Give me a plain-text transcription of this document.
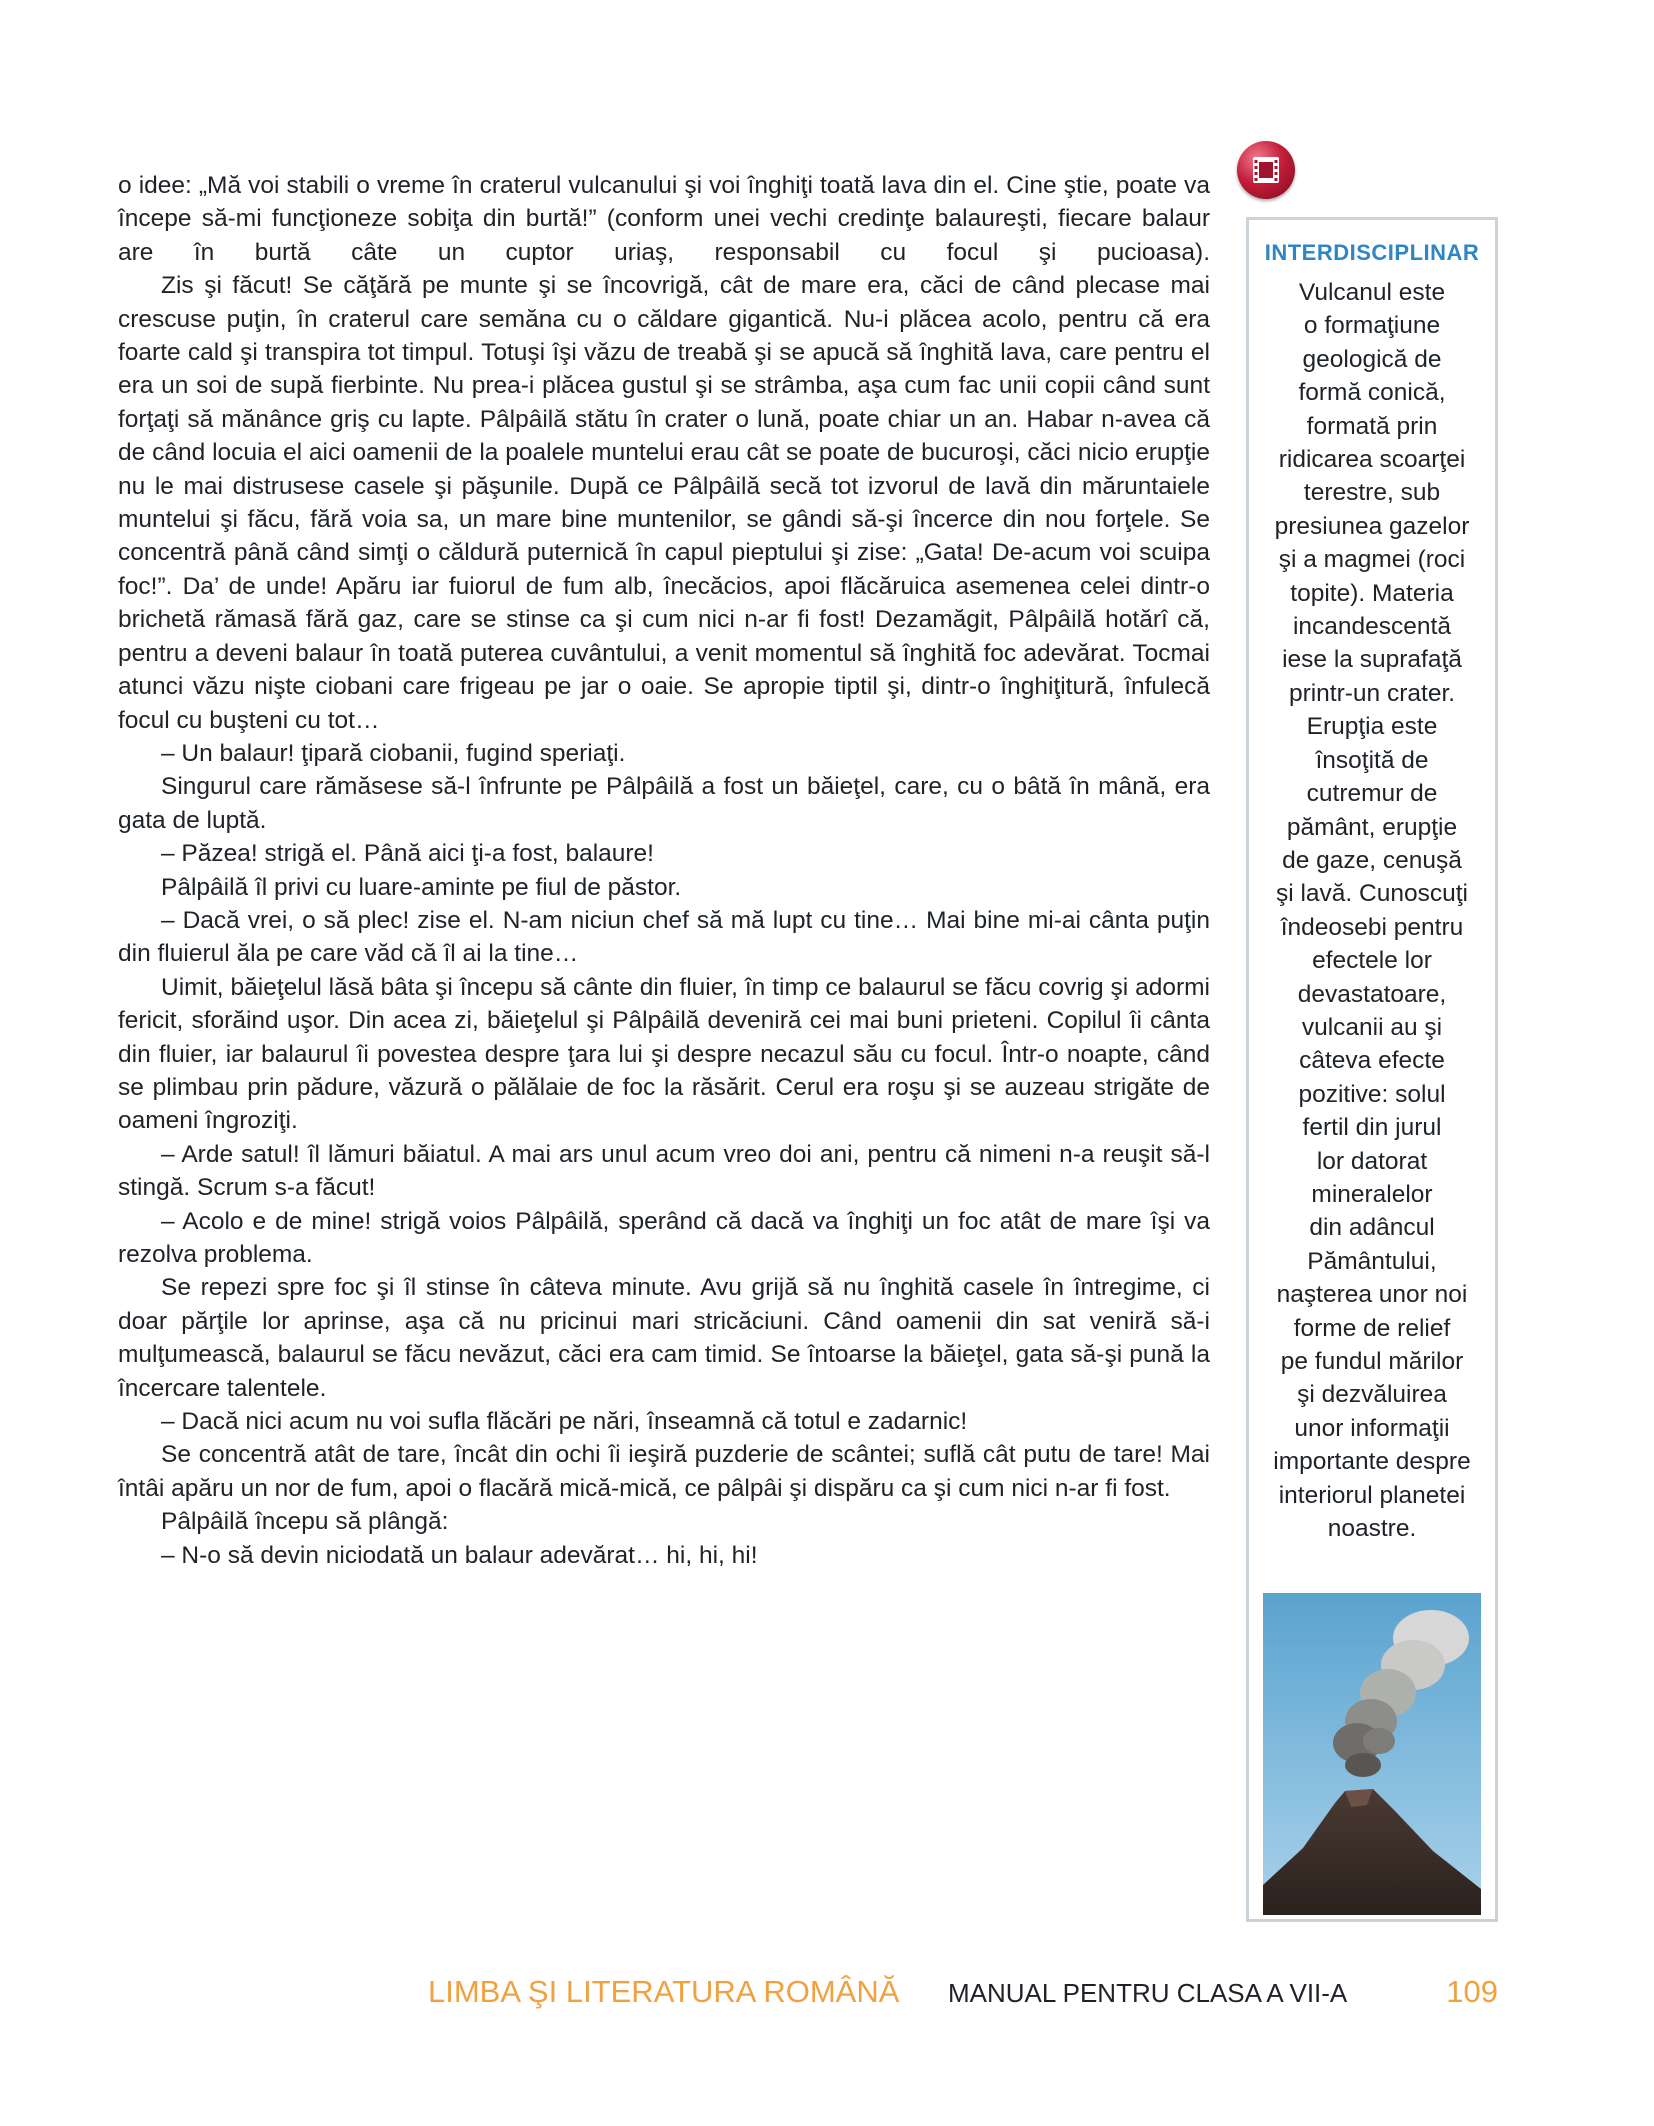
o idee: „Mă voi stabili o vreme în craterul vulcanului şi voi înghiţi toată lava din el. Cine ştie, poate va începe să-mi funcţioneze sobiţa din burtă!” (conform unei vechi credinţe balaureşti, fiecare balaur are în burtă câte un cuptor uriaş, responsabil cu focul şi pucioasa).

Zis şi făcut! Se căţără pe munte şi se încovrigă, cât de mare era, căci de când plecase mai crescuse puţin, în craterul care semăna cu o căldare gigantică. Nu-i plăcea acolo, pentru că era foarte cald şi transpira tot timpul. Totuşi îşi văzu de treabă şi se apucă să înghită lava, care pentru el era un soi de supă fierbinte. Nu prea-i plăcea gustul şi se strâmba, aşa cum fac unii copii când sunt forţaţi să mănânce griş cu lapte. Pâlpâilă stătu în crater o lună, poate chiar un an. Habar n-avea că de când locuia el aici oamenii de la poalele muntelui erau cât se poate de bucuroşi, căci nicio erupţie nu le mai distrusese casele şi păşunile. După ce Pâlpâilă secă tot izvorul de lavă din măruntaiele muntelui şi făcu, fără voia sa, un mare bine muntenilor, se gândi să-şi încerce din nou forţele. Se concentră până când simţi o căldură puternică în capul pieptului şi zise: „Gata! De-acum voi scuipa foc!”. Da’ de unde! Apăru iar fuiorul de fum alb, înecăcios, apoi flăcăruica asemenea celei dintr-o brichetă rămasă fără gaz, care se stinse ca şi cum nici n-ar fi fost! Dezamăgit, Pâlpâilă hotărî că, pentru a deveni balaur în toată puterea cuvântului, a venit momentul să înghită foc adevărat. Tocmai atunci văzu nişte ciobani care frigeau pe jar o oaie. Se apropie tiptil şi, dintr-o înghiţitură, înfulecă focul cu buşteni cu tot…

– Un balaur! ţipară ciobanii, fugind speriaţi.

Singurul care rămăsese să-l înfrunte pe Pâlpâilă a fost un băieţel, care, cu o bâtă în mână, era gata de luptă.

– Păzea! strigă el. Până aici ţi-a fost, balaure!

Pâlpâilă îl privi cu luare-aminte pe fiul de păstor.

– Dacă vrei, o să plec! zise el. N-am niciun chef să mă lupt cu tine… Mai bine mi-ai cânta puţin din fluierul ăla pe care văd că îl ai la tine…

Uimit, băieţelul lăsă bâta şi începu să cânte din fluier, în timp ce balaurul se făcu covrig şi adormi fericit, sforăind uşor. Din acea zi, băieţelul şi Pâlpâilă deveniră cei mai buni prieteni. Copilul îi cânta din fluier, iar balaurul îi povestea despre ţara lui şi despre necazul său cu focul. Într-o noapte, când se plimbau prin pădure, văzură o pălălaie de foc la răsărit. Cerul era roşu şi se auzeau strigăte de oameni îngroziţi.

– Arde satul! îl lămuri băiatul. A mai ars unul acum vreo doi ani, pentru că nimeni n-a reuşit să-l stingă. Scrum s-a făcut!

– Acolo e de mine! strigă voios Pâlpâilă, sperând că dacă va înghiţi un foc atât de mare îşi va rezolva problema.

Se repezi spre foc şi îl stinse în câteva minute. Avu grijă să nu înghită casele în întregime, ci doar părţile lor aprinse, aşa că nu pricinui mari stricăciuni. Când oamenii din sat veniră să-i mulţumească, balaurul se făcu nevăzut, căci era cam timid. Se întoarse la băieţel, gata să-şi pună la încercare talentele.

– Dacă nici acum nu voi sufla flăcări pe nări, înseamnă că totul e zadarnic!

Se concentră atât de tare, încât din ochi îi ieşiră puzderie de scântei; suflă cât putu de tare! Mai întâi apăru un nor de fum, apoi o flacără mică-mică, ce pâlpâi şi dispăru ca şi cum nici n-ar fi fost.

Pâlpâilă începu să plângă:

– N-o să devin niciodată un balaur adevărat… hi, hi, hi!

INTERDISCIPLINAR
Vulcanul este
o formaţiune
geologică de
formă conică,
formată prin
ridicarea scoarţei
terestre, sub
presiunea gazelor
şi a magmei (roci
topite). Materia
incandescentă
iese la suprafaţă
printr-un crater.
Erupţia este
însoţită de
cutremur de
pământ, erupţie
de gaze, cenuşă
şi lavă. Cunoscuţi
îndeosebi pentru
efectele lor
devastatoare,
vulcanii au şi
câteva efecte
pozitive: solul
fertil din jurul
lor datorat
mineralelor
din adâncul
Pământului,
naşterea unor noi
forme de relief
pe fundul mărilor
şi dezvăluirea
unor informaţii
importante despre
interiorul planetei
noastre.
LIMBA ŞI LITERATURA ROMÂNĂ MANUAL PENTRU CLASA A VII-A	109
